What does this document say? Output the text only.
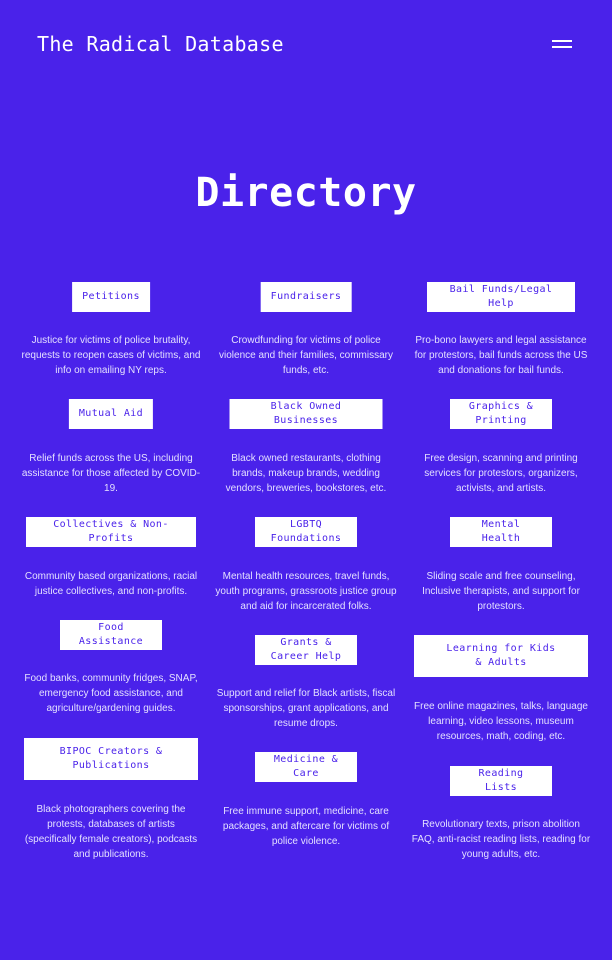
The Radical Database
Directory
Petitions

Justice for victims of police brutality, requests to reopen cases of victims, and info on emailing NY reps.

Mutual Aid

Relief funds across the US, including assistance for those affected by COVID-19.

Collectives & Non-Profits

Community based organizations, racial justice collectives, and non-profits.

Food Assistance

Food banks, community fridges, SNAP, emergency food assistance, and agriculture/gardening guides.

BIPOC Creators & Publications

Black photographers covering the protests, databases of artists (specifically female creators), podcasts and publications.

Fundraisers

Crowdfunding for victims of police violence and their families, commissary funds, etc.

Black Owned Businesses

Black owned restaurants, clothing brands, makeup brands, wedding vendors, breweries, bookstores, etc.

LGBTQ Foundations

Mental health resources, travel funds, youth programs, grassroots justice group and aid for incarcerated folks.

Grants & Career Help

Support and relief for Black artists, fiscal sponsorships, grant applications, and resume drops.

Medicine & Care

Free immune support, medicine, care packages, and aftercare for victims of police violence.

Bail Funds/Legal Help

Pro-bono lawyers and legal assistance for protestors, bail funds across the US and donations for bail funds.

Graphics & Printing

Free design, scanning and printing services for protestors, organizers, activists, and artists.

Mental Health

Sliding scale and free counseling, Inclusive therapists, and support for protestors.

Learning for Kids & Adults

Free online magazines, talks, language learning, video lessons, museum resources, math, coding, etc.

Reading Lists

Revolutionary texts, prison abolition FAQ, anti-racist reading lists, reading for young adults, etc.
